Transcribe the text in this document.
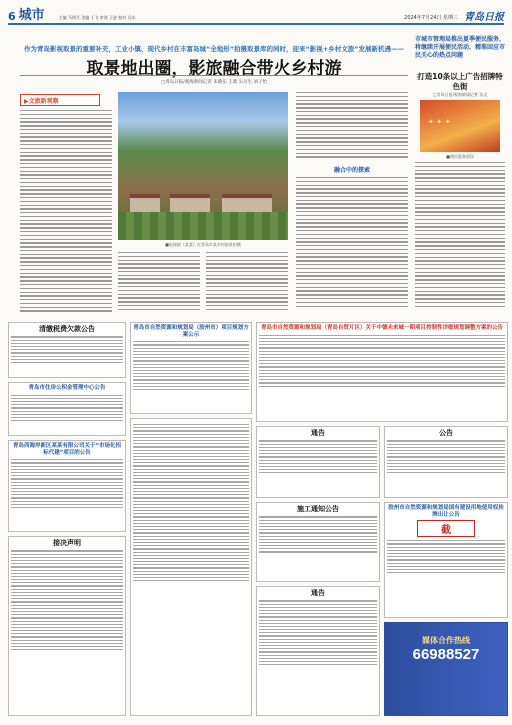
6 城市	主编 马明月 美编 于飞 审读 王进 校对 吴东	2024年7月24日 星期三 青岛日报
作为青岛影视取景的重要补充，工业小镇、现代乡村在丰富岛城“全地形”拍摄取景库的同时，迎来“影视+乡村文旅”发展新机遇——
取景地出圈，影旅融合带火乡村游
□青岛日报/观海新闻记者 朱晓东 王鼎 实习生 刘子怡
▶文旅新观察
■电视剧《某某》在青岛市某乡村取景拍摄
融合中的探索
市城市管理局推出夏季便民服务，将继续开展便民活动、精准回应市民关心的热点问题
打造10条以上广告招牌特色街
□青岛日报/观海新闻记者 张文
✦ ✦ ✦
■便民服务现场
清缴税费欠款公告
青岛市住房公积金管理中心公告
青岛西海岸新区某某有限公司关于“市场化招标代建”项目的公告
接决声明
青岛市自然资源和规划局（胶州市）项目规划方案公示
青岛市自然资源和规划局（青岛自贸片区）关于中德未来城一期项目控制性详细规划调整方案的公告
通告
施工通知公告
通告
公告
胶州市自然资源和规划局国有建设用地使用权挂牌出让公告
截
媒体合作热线
66988527
